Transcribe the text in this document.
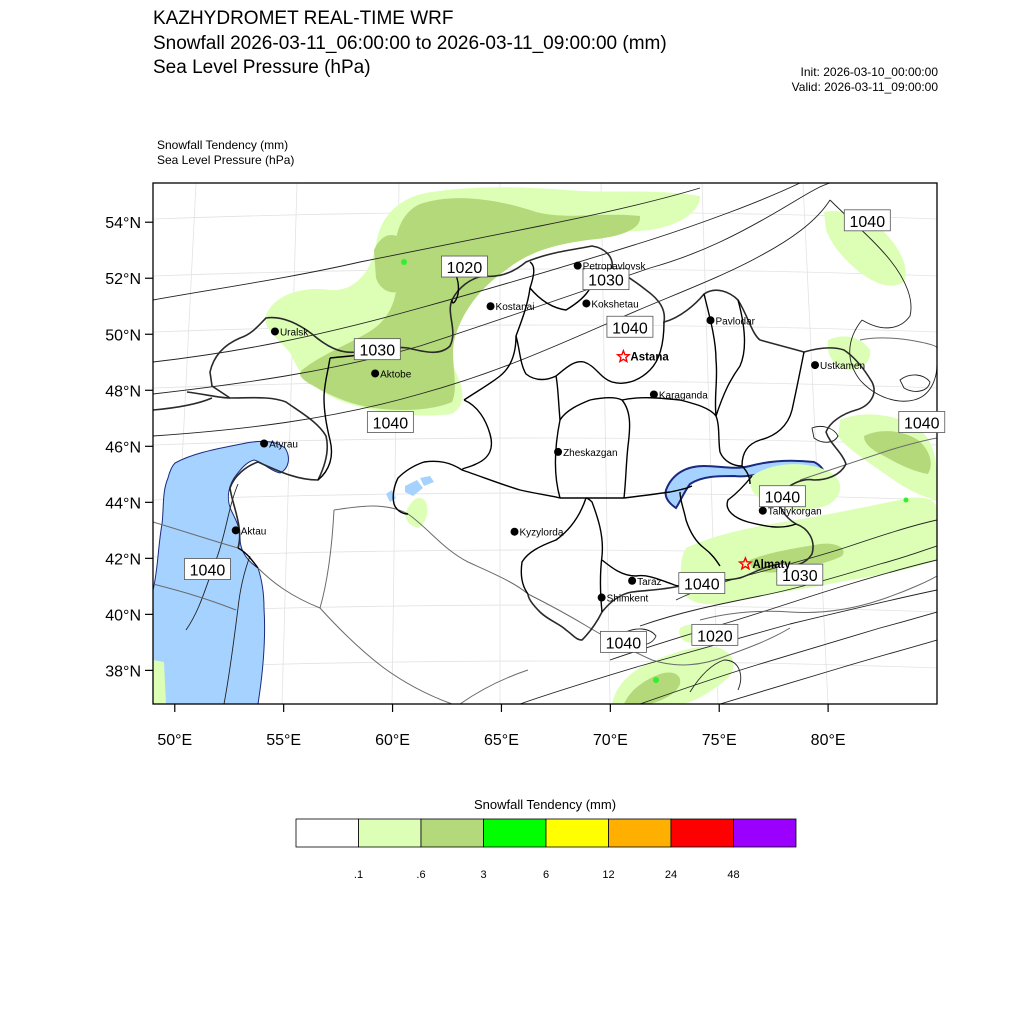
KAZHYDROMET REAL-TIME WRF
Snowfall 2026-03-11_06:00:00 to 2026-03-11_09:00:00 (mm)
Sea Level Pressure (hPa)	Init: 2026-03-10_00:00:00
Valid: 2026-03-11_09:00:00
Snowfall Tendency (mm)
Sea Level Pressure (hPa)
54°N
52°N
50°N
48°N
46°N
44°N
42°N
40°N
38°N
50°E	55°E	60°E	65°E	70°E	75°E	80°E
1020
1030
1040
1030
1040
1040
1040
1040
1040
1040	1030
1040	1020
Petropavlovsk
Kokshetau
Kostanai
Pavlodar
Uralsk
Astana
Ustkamen
Aktobe
Karaganda
Atyrau
Zheskazgan
Taldykorgan
Aktau	Kyzylorda
Almaty
Taraz
Shimkent
.1	.6	3	6	12	24	48
Snowfall Tendency (mm)
